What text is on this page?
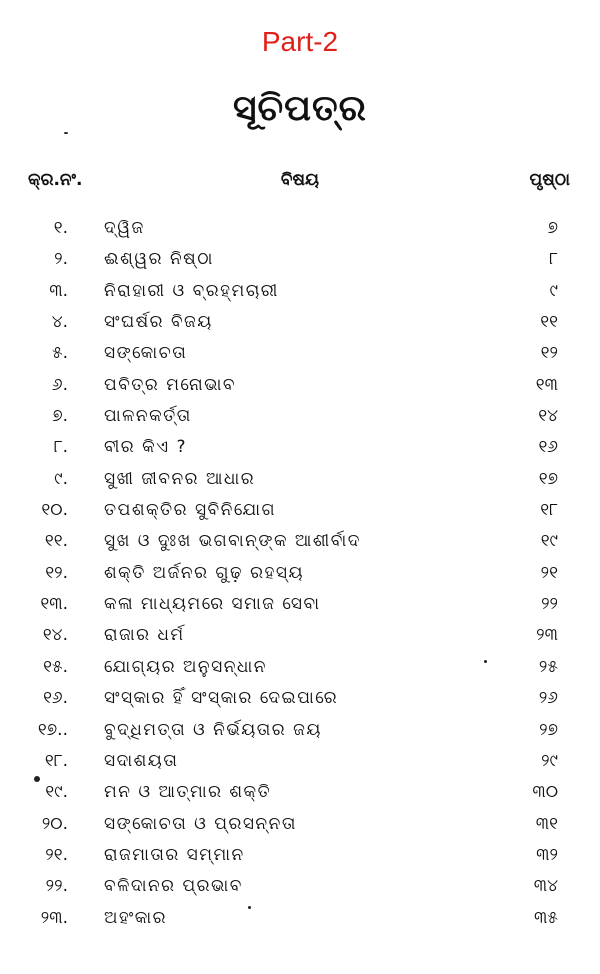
Part-2
ସୂଚିପତ୍ର
କ୍ର.ନଂ.	ବିଷୟ	ପୃଷ୍ଠା
୧. ଦ୍ୱିଜ	୭
୨. ଈଶ୍ୱର ନିଷ୍ଠା	୮
୩. ନିରାହାରୀ ଓ ବ୍ରହ୍ମଚାରୀ	୯
୪. ସଂଘର୍ଷର ବିଜୟ	୧୧
୫. ସଙ୍କୋଚତା	୧୨
୬. ପବିତ୍ର ମନୋଭାବ	୧୩
୭. ପାଳନକର୍ତ୍ତା	୧୪
୮. ବୀର କିଏ ?	୧୬
୯. ସୁଖୀ ଜୀବନର ଆଧାର	୧୭
୧୦. ତପଶକ୍ତିର ସୁବିନିଯୋଗ	୧୮
୧୧. ସୁଖ ଓ ଦୁଃଖ ଭଗବାନ୍‌ଙ୍କ ଆଶୀର୍ବାଦ	୧୯
୧୨. ଶକ୍ତି ଅର୍ଜନର ଗୁଢ଼ ରହସ୍ୟ	୨୧
୧୩. କଳା ମାଧ୍ୟମରେ ସମାଜ ସେବା	୨୨
୧୪. ରାଜାର ଧର୍ମ	୨୩
୧୫. ଯୋଗ୍ୟର ଅନୁସନ୍ଧାନ	୨୫
୧୬. ସଂସ୍କାର ହିଁ ସଂସ୍କାର ଦେଇପାରେ	୨୬
୧୭.. ବୁଦ୍ଧିମତ୍ତା ଓ ନିର୍ଭୟତାର ଜୟ	୨୭
୧୮. ସଦାଶୟତା	୨୯
୧୯. ମନ ଓ ଆତ୍ମାର ଶକ୍ତି	୩୦
୨୦. ସଙ୍କୋଚତା ଓ ପ୍ରସନ୍ନତା	୩୧
୨୧. ରାଜମାତାର ସମ୍ମାନ	୩୨
୨୨. ବଳିଦାନର ପ୍ରଭାବ	୩୪
୨୩. ଅହଂକାର	୩୫
